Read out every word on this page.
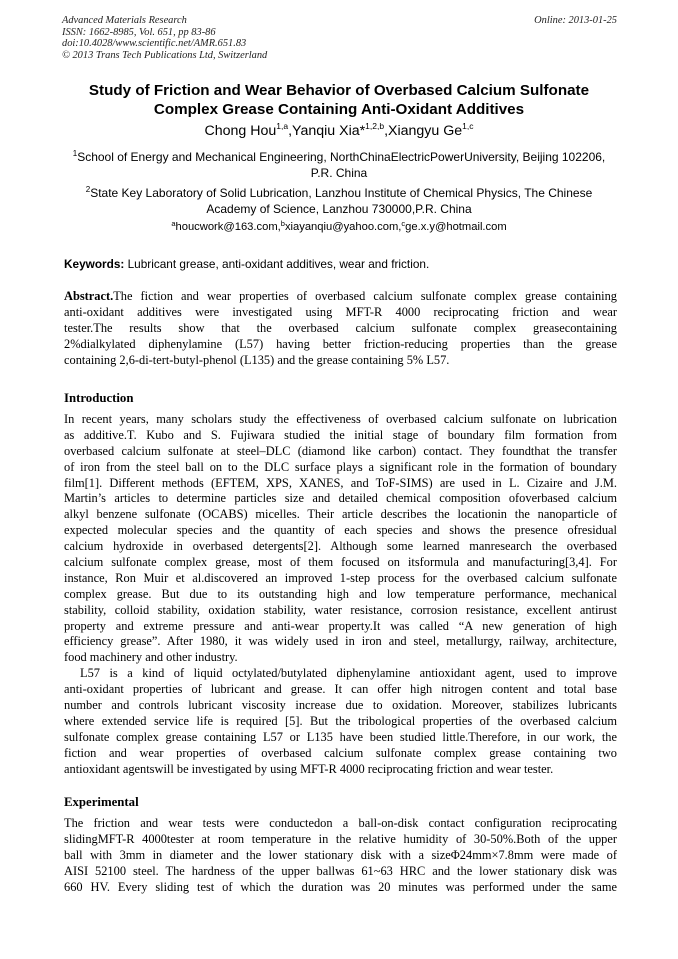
Advanced Materials Research
ISSN: 1662-8985, Vol. 651, pp 83-86
doi:10.4028/www.scientific.net/AMR.651.83
© 2013 Trans Tech Publications Ltd, Switzerland
Online: 2013-01-25
Study of Friction and Wear Behavior of Overbased Calcium Sulfonate
Complex Grease Containing Anti-Oxidant Additives
Chong Hou$^{1,a}$,Yanqiu Xia*$^{1,2,b}$,Xiangyu Ge$^{1,c}$
$^1$School of Energy and Mechanical Engineering, NorthChinaElectricPowerUniversity, Beijing 102206,
P.R. China
$^2$State Key Laboratory of Solid Lubrication, Lanzhou Institute of Chemical Physics, The Chinese
Academy of Science, Lanzhou 730000,P.R. China
$^a$houcwork@163.com,$^b$xiayanqiu@yahoo.com,$^c$ge.x.y@hotmail.com
Keywords: Lubricant grease, anti-oxidant additives, wear and friction.
Abstract.The fiction and wear properties of overbased calcium sulfonate complex grease containing
anti-oxidant additives were investigated using MFT-R 4000 reciprocating friction and wear
tester.The results show that the overbased calcium sulfonate complex greasecontaining
2%dialkylated diphenylamine (L57) having better friction-reducing properties than the grease
containing 2,6-di-tert-butyl-phenol (L135) and the grease containing 5% L57.
Introduction
In recent years, many scholars study the effectiveness of overbased calcium sulfonate on lubrication
as additive.T. Kubo and S. Fujiwara studied the initial stage of boundary film formation from
overbased calcium sulfonate at steel–DLC (diamond like carbon) contact. They foundthat the transfer
of iron from the steel ball on to the DLC surface plays a significant role in the formation of boundary
film[1]. Different methods (EFTEM, XPS, XANES, and ToF-SIMS) are used in L. Cizaire and J.M.
Martin’s articles to determine particles size and detailed chemical composition ofoverbased calcium
alkyl benzene sulfonate (OCABS) micelles. Their article describes the locationin the nanoparticle of
expected molecular species and the quantity of each species and shows the presence ofresidual
calcium hydroxide in overbased detergents[2]. Although some learned manresearch the overbased
calcium sulfonate complex grease, most of them focused on itsformula and manufacturing[3,4]. For
instance, Ron Muir et al.discovered an improved 1-step process for the overbased calcium sulfonate
complex grease. But due to its outstanding high and low temperature performance, mechanical
stability, colloid stability, oxidation stability, water resistance, corrosion resistance, excellent antirust
property and extreme pressure and anti-wear property.It was called “A new generation of high
efficiency grease”. After 1980, it was widely used in iron and steel, metallurgy, railway, architecture,
food machinery and other industry.
L57 is a kind of liquid octylated/butylated diphenylamine antioxidant agent, used to improve
anti-oxidant properties of lubricant and grease. It can offer high nitrogen content and total base
number and controls lubricant viscosity increase due to oxidation. Moreover, stabilizes lubricants
where extended service life is required [5]. But the tribological properties of the overbased calcium
sulfonate complex grease containing L57 or L135 have been studied little.Therefore, in our work, the
fiction and wear properties of overbased calcium sulfonate complex grease containing two
antioxidant agentswill be investigated by using MFT-R 4000 reciprocating friction and wear tester.
Experimental
The friction and wear tests were conductedon a ball-on-disk contact configuration reciprocating
slidingMFT-R 4000tester at room temperature in the relative humidity of 30-50%.Both of the upper
ball with 3mm in diameter and the lower stationary disk with a sizeΦ24mm×7.8mm were made of
AISI 52100 steel. The hardness of the upper ballwas 61~63 HRC and the lower stationary disk was
660 HV. Every sliding test of which the duration was 20 minutes was performed under the same
